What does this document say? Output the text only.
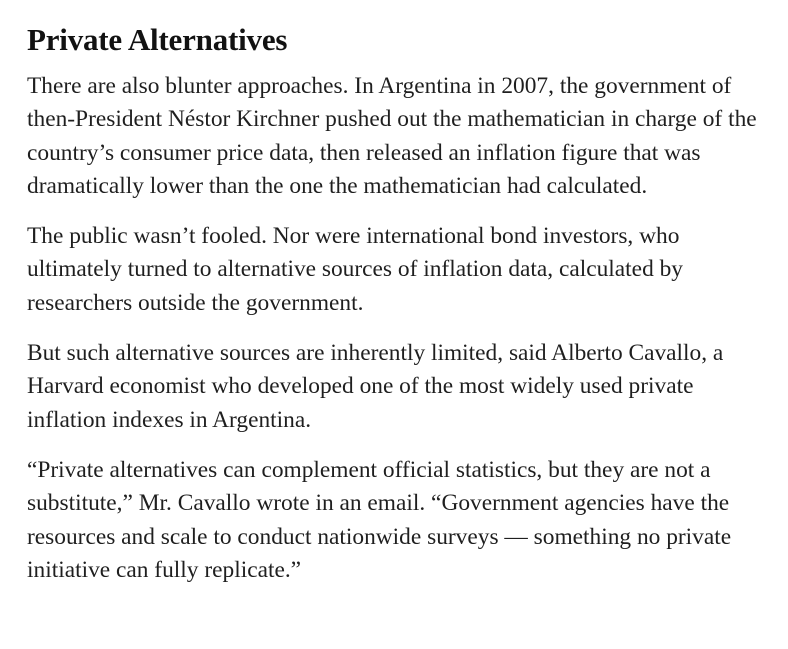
Private Alternatives

There are also blunter approaches. In Argentina in 2007, the government of then-President Néstor Kirchner pushed out the mathematician in charge of the country’s consumer price data, then released an inflation figure that was dramatically lower than the one the mathematician had calculated.

The public wasn’t fooled. Nor were international bond investors, who ultimately turned to alternative sources of inflation data, calculated by researchers outside the government.

But such alternative sources are inherently limited, said Alberto Cavallo, a Harvard economist who developed one of the most widely used private inflation indexes in Argentina.

“Private alternatives can complement official statistics, but they are not a substitute,” Mr. Cavallo wrote in an email. “Government agencies have the resources and scale to conduct nationwide surveys — something no private initiative can fully replicate.”
